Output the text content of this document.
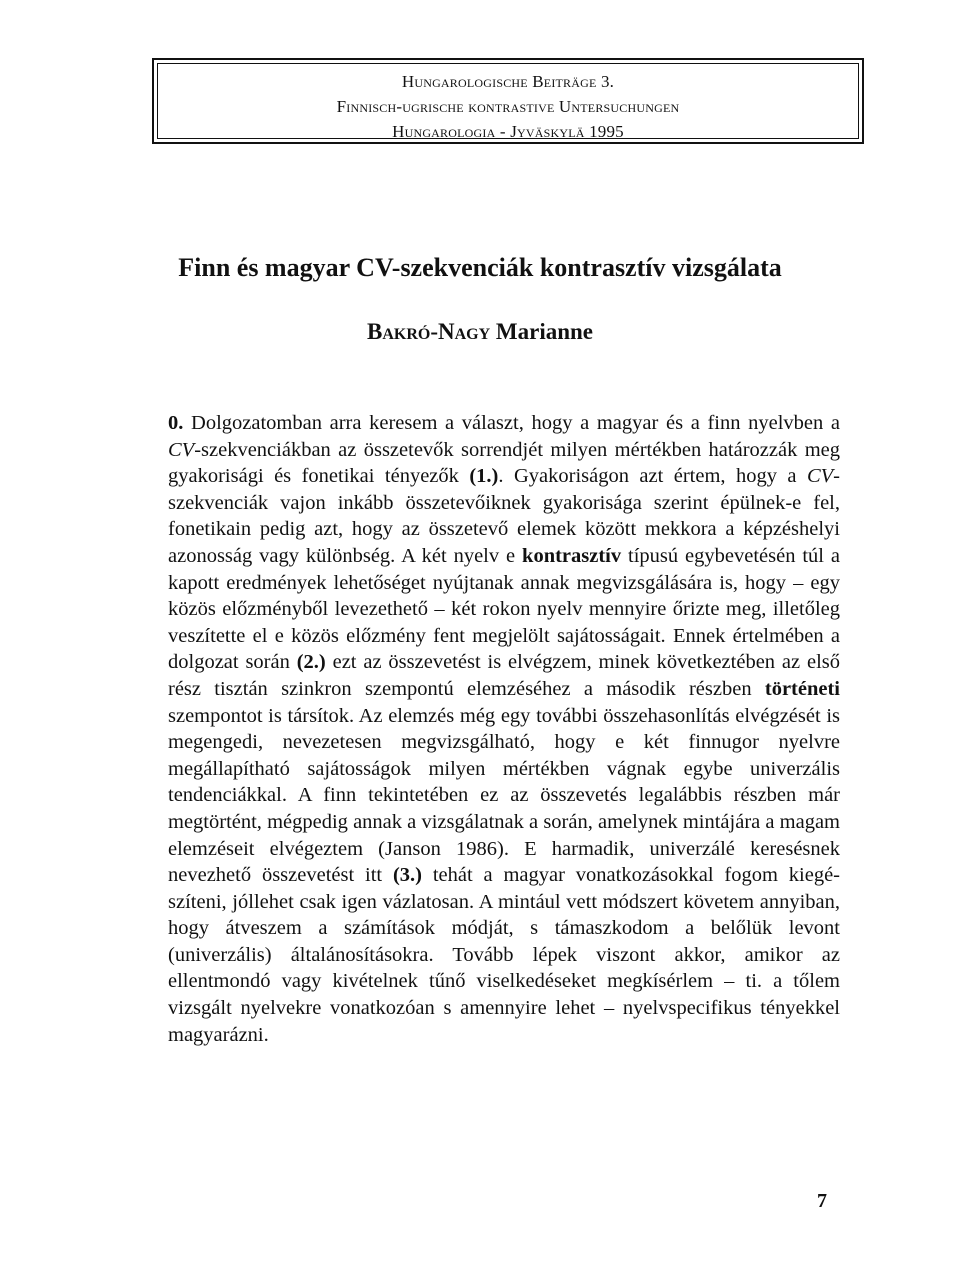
Hungarologische Beiträge 3.
Finnisch-ugrische kontrastive Untersuchungen
Hungarologia - Jyväskylä 1995
Finn és magyar CV-szekvenciák kontrasztív vizsgálata
Bakró-Nagy Marianne
0. Dolgozatomban arra keresem a választ, hogy a magyar és a finn nyelvben a CV-szekvenciákban az összetevők sorrendjét milyen mértékben határozzák meg gyakorisági és fonetikai tényezők (1.). Gyakoriságon azt értem, hogy a CV-szekvenciák vajon inkább összetevőiknek gyakorisága szerint épülnek-e fel, fonetikain pedig azt, hogy az összetevő elemek között mekkora a képzéshelyi azonosság vagy különbség. A két nyelv e kontrasztív típusú egybevetésén túl a kapott eredmények lehetőséget nyújtanak annak megvizsgálására is, hogy – egy közös előzményből levezethető – két rokon nyelv mennyire őrizte meg, illetőleg veszítette el e közös előzmény fent megjelölt sajátosságait. Ennek értelmében a dolgozat során (2.) ezt az összevetést is elvégzem, minek következtében az első rész tisztán szinkron szempontú elemzéséhez a második részben történeti szempontot is társítok. Az elemzés még egy további összehasonlítás elvégzését is megengedi, nevezetesen megvizsgálható, hogy e két finnugor nyelvre megállapítható sajátosságok milyen mértékben vágnak egybe univerzális tendenciákkal. A finn tekintetében ez az összevetés legalábbis részben már megtörtént, mégpedig annak a vizsgálatnak a során, amelynek mintájára a magam elemzéseit elvégeztem (Janson 1986). E harmadik, univerzálé keresésnek nevezhető összevetést itt (3.) tehát a magyar vonatkozásokkal fogom kiegészíteni, jóllehet csak igen vázlatosan. A mintául vett módszert követem annyiban, hogy átveszem a számítások módját, s támaszkodom a belőlük levont (univerzális) általánosításokra. Tovább lépek viszont akkor, amikor az ellentmondó vagy kivételnek tűnő viselkedéseket megkísérlem – ti. a tőlem vizsgált nyelvekre vonatkozóan s amennyire lehet – nyelvspecifikus tényekkel magyarázni.
7
